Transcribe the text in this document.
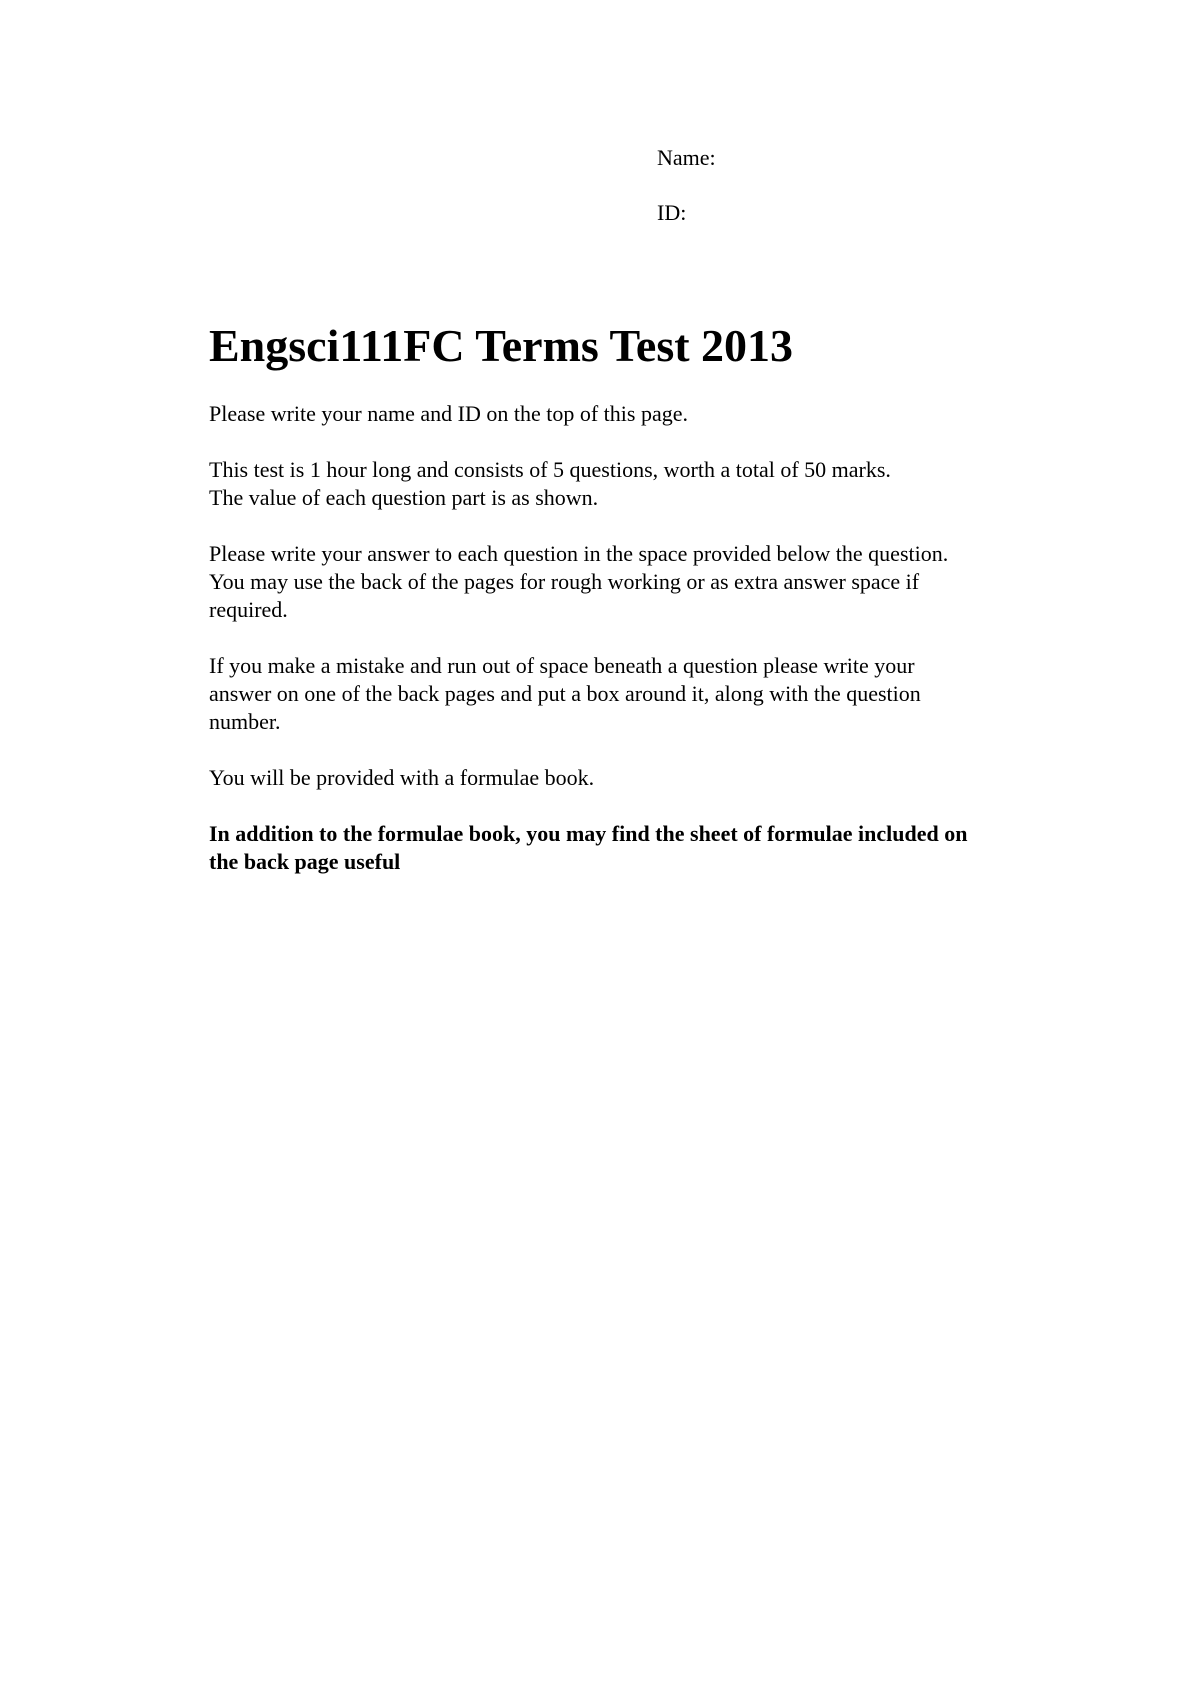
Name:

ID:

Engsci111FC Terms Test 2013

Please write your name and ID on the top of this page.

This test is 1 hour long and consists of 5 questions, worth a total of 50 marks.
The value of each question part is as shown.

Please write your answer to each question in the space provided below the question.
You may use the back of the pages for rough working or as extra answer space if
required.

If you make a mistake and run out of space beneath a question please write your
answer on one of the back pages and put a box around it, along with the question
number.

You will be provided with a formulae book.

In addition to the formulae book, you may find the sheet of formulae included on
the back page useful
